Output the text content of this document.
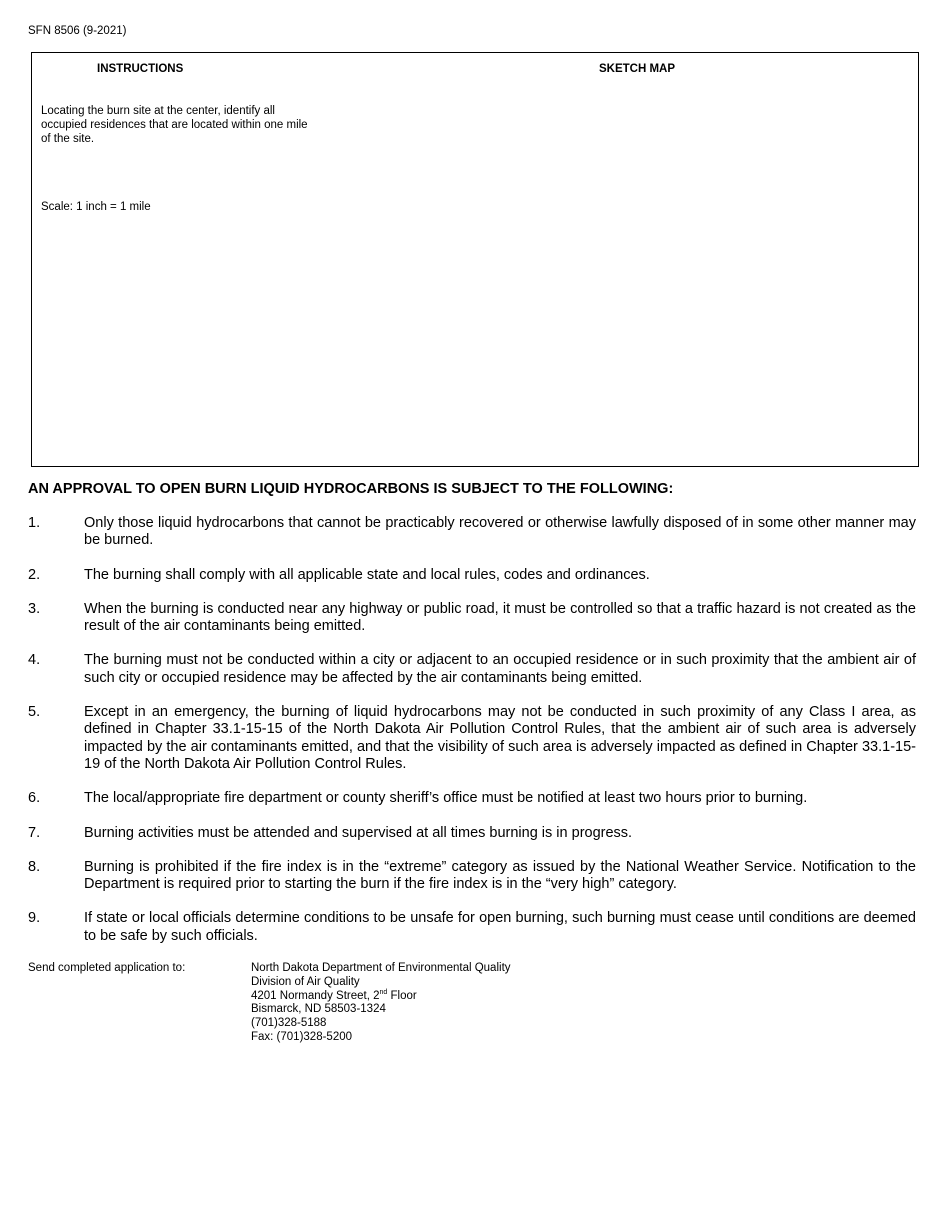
SFN 8506 (9-2021)
INSTRUCTIONS	SKETCH MAP
Locating the burn site at the center, identify all occupied residences that are located within one mile of the site.
Scale: 1 inch = 1 mile
AN APPROVAL TO OPEN BURN LIQUID HYDROCARBONS IS SUBJECT TO THE FOLLOWING:
1.	Only those liquid hydrocarbons that cannot be practicably recovered or otherwise lawfully disposed of in some other manner may be burned.
2.	The burning shall comply with all applicable state and local rules, codes and ordinances.
3.	When the burning is conducted near any highway or public road, it must be controlled so that a traffic hazard is not created as the result of the air contaminants being emitted.
4.	The burning must not be conducted within a city or adjacent to an occupied residence or in such proximity that the ambient air of such city or occupied residence may be affected by the air contaminants being emitted.
5.	Except in an emergency, the burning of liquid hydrocarbons may not be conducted in such proximity of any Class I area, as defined in Chapter 33.1-15-15 of the North Dakota Air Pollution Control Rules, that the ambient air of such area is adversely impacted by the air contaminants emitted, and that the visibility of such area is adversely impacted as defined in Chapter 33.1-15-19 of the North Dakota Air Pollution Control Rules.
6.	The local/appropriate fire department or county sheriff’s office must be notified at least two hours prior to burning.
7.	Burning activities must be attended and supervised at all times burning is in progress.
8.	Burning is prohibited if the fire index is in the “extreme” category as issued by the National Weather Service. Notification to the Department is required prior to starting the burn if the fire index is in the “very high” category.
9.	If state or local officials determine conditions to be unsafe for open burning, such burning must cease until conditions are deemed to be safe by such officials.
Send completed application to:	North Dakota Department of Environmental Quality
Division of Air Quality
4201 Normandy Street, 2nd Floor
Bismarck, ND 58503-1324
(701)328-5188
Fax: (701)328-5200
